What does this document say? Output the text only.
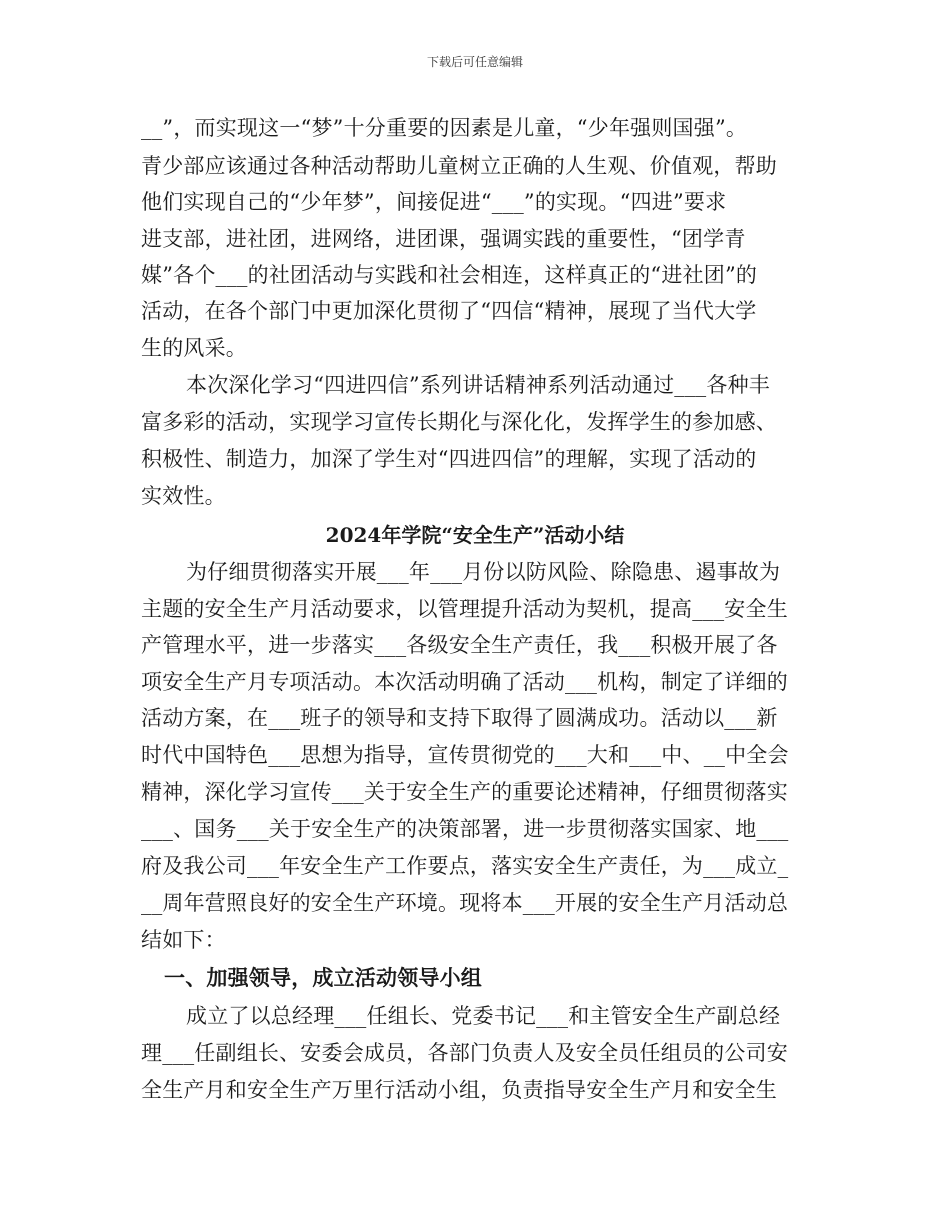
下载后可任意编辑
__”，而实现这一“梦”十分重要的因素是儿童，“少年强则国强”。
青少部应该通过各种活动帮助儿童树立正确的人生观、价值观，帮助
他们实现自己的“少年梦”，间接促进“___”的实现。“四进”要求
进支部，进社团，进网络，进团课，强调实践的重要性，“团学青
媒”各个___的社团活动与实践和社会相连，这样真正的“进社团”的
活动，在各个部门中更加深化贯彻了“四信“精神，展现了当代大学
生的风采。
本次深化学习“四进四信”系列讲话精神系列活动通过___各种丰
富多彩的活动，实现学习宣传长期化与深化化，发挥学生的参加感、
积极性、制造力，加深了学生对“四进四信”的理解，实现了活动的
实效性。
2024年学院“安全生产”活动小结
为仔细贯彻落实开展___年___月份以防风险、除隐患、遏事故为
主题的安全生产月活动要求，以管理提升活动为契机，提高___安全生
产管理水平，进一步落实___各级安全生产责任，我___积极开展了各
项安全生产月专项活动。本次活动明确了活动___机构，制定了详细的
活动方案，在___班子的领导和支持下取得了圆满成功。活动以___新
时代中国特色___思想为指导，宣传贯彻党的___大和___中、__中全会
精神，深化学习宣传___关于安全生产的重要论述精神，仔细贯彻落实
___、国务___关于安全生产的决策部署，进一步贯彻落实国家、地___
府及我公司___年安全生产工作要点，落实安全生产责任，为___成立_
__周年营照良好的安全生产环境。现将本___开展的安全生产月活动总
结如下：
一、加强领导，成立活动领导小组
成立了以总经理___任组长、党委书记___和主管安全生产副总经
理___任副组长、安委会成员，各部门负责人及安全员任组员的公司安
全生产月和安全生产万里行活动小组，负责指导安全生产月和安全生
